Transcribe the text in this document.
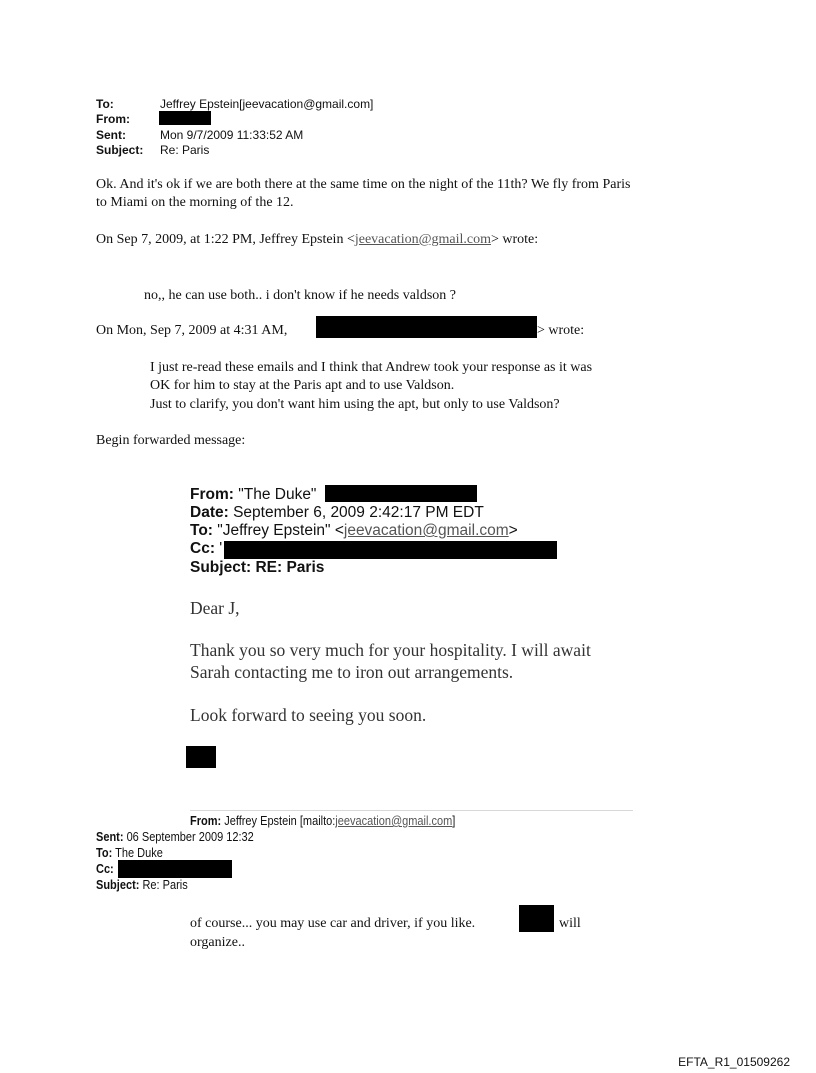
To:	Jeffrey Epstein[jeevacation@gmail.com]
From:
Sent:	Mon 9/7/2009 11:33:52 AM
Subject: Re: Paris
Ok. And it's ok if we are both there at the same time on the night of the 11th? We fly from Paris
to Miami on the morning of the 12.
On Sep 7, 2009, at 1:22 PM, Jeffrey Epstein <jeevacation@gmail.com> wrote:
no,, he can use both.. i don't know if he needs valdson ?
On Mon, Sep 7, 2009 at 4:31 AM,	> wrote:
I just re-read these emails and I think that Andrew took your response as it was
OK for him to stay at the Paris apt and to use Valdson.
Just to clarify, you don't want him using the apt, but only to use Valdson?
Begin forwarded message:
From: "The Duke"
Date: September 6, 2009 2:42:17 PM EDT
To: "Jeffrey Epstein" <jeevacation@gmail.com>
Cc: '
Subject: RE: Paris
Dear J,
Thank you so very much for your hospitality. I will await
Sarah contacting me to iron out arrangements.
Look forward to seeing you soon.
From: Jeffrey Epstein [mailto:jeevacation@gmail.com]
Sent: 06 September 2009 12:32
To: The Duke
Cc:
Subject: Re: Paris
of course... you may use car and driver, if you like.	will
organize..
EFTA_R1_01509262
